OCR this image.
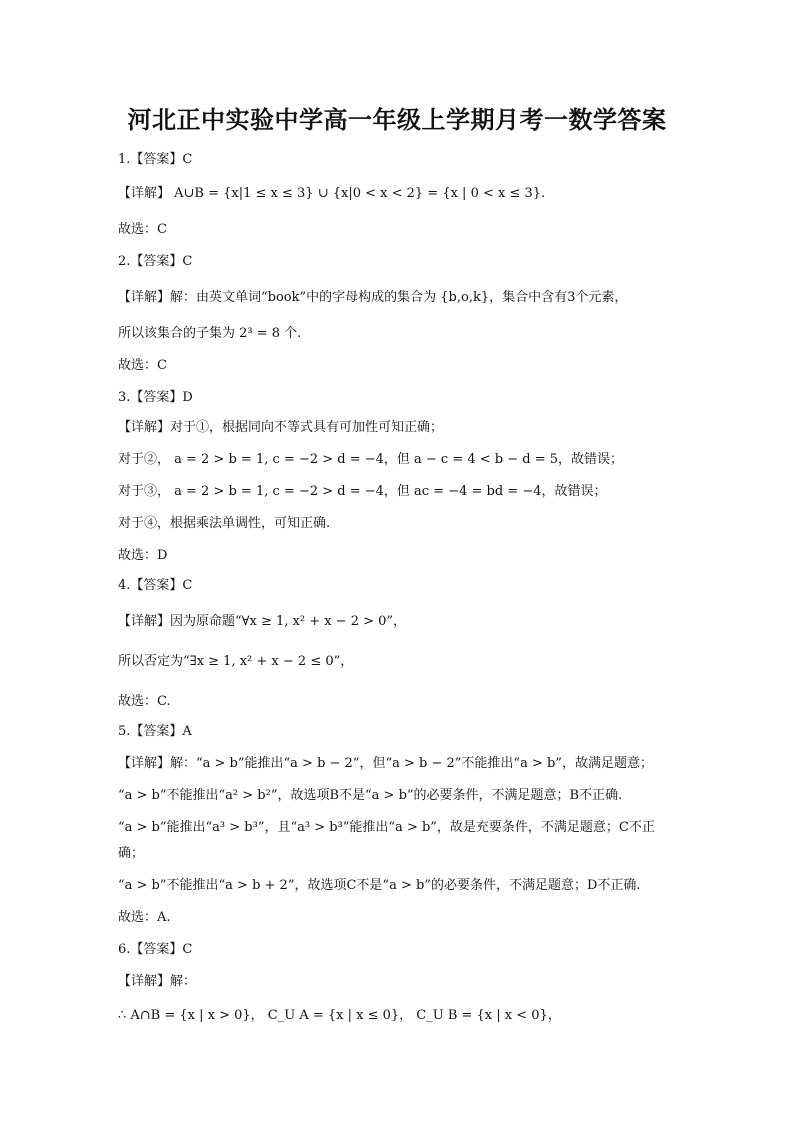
河北正中实验中学高一年级上学期月考一数学答案
1.【答案】C
【详解】 A∪B = {x|1 ≤ x ≤ 3} ∪ {x|0 < x < 2} = {x | 0 < x ≤ 3}.
故选：C
2.【答案】C
【详解】解：由英文单词“book”中的字母构成的集合为 {b,o,k}，集合中含有3个元素，
所以该集合的子集为 2³ = 8 个.
故选：C
3.【答案】D
【详解】对于①，根据同向不等式具有可加性可知正确；
对于②， a = 2 > b = 1, c = −2 > d = −4，但 a − c = 4 < b − d = 5，故错误；
对于③， a = 2 > b = 1, c = −2 > d = −4，但 ac = −4 = bd = −4，故错误；
对于④，根据乘法单调性，可知正确.
故选：D
4.【答案】C
【详解】因为原命题“∀x ≥ 1, x² + x − 2 > 0”，
所以否定为“∃x ≥ 1, x² + x − 2 ≤ 0”，
故选：C.
5.【答案】A
【详解】解：“a > b”能推出“a > b − 2”，但“a > b − 2”不能推出“a > b”，故满足题意；
“a > b”不能推出“a² > b²”，故选项B不是“a > b”的必要条件，不满足题意；B不正确.
“a > b”能推出“a³ > b³”，且“a³ > b³”能推出“a > b”，故是充要条件，不满足题意；C不正
确；
“a > b”不能推出“a > b + 2”，故选项C不是“a > b”的必要条件，不满足题意；D不正确.
故选：A.
6.【答案】C
【详解】解：
∴ A∩B = {x | x > 0}， C_U A = {x | x ≤ 0}， C_U B = {x | x < 0}，
